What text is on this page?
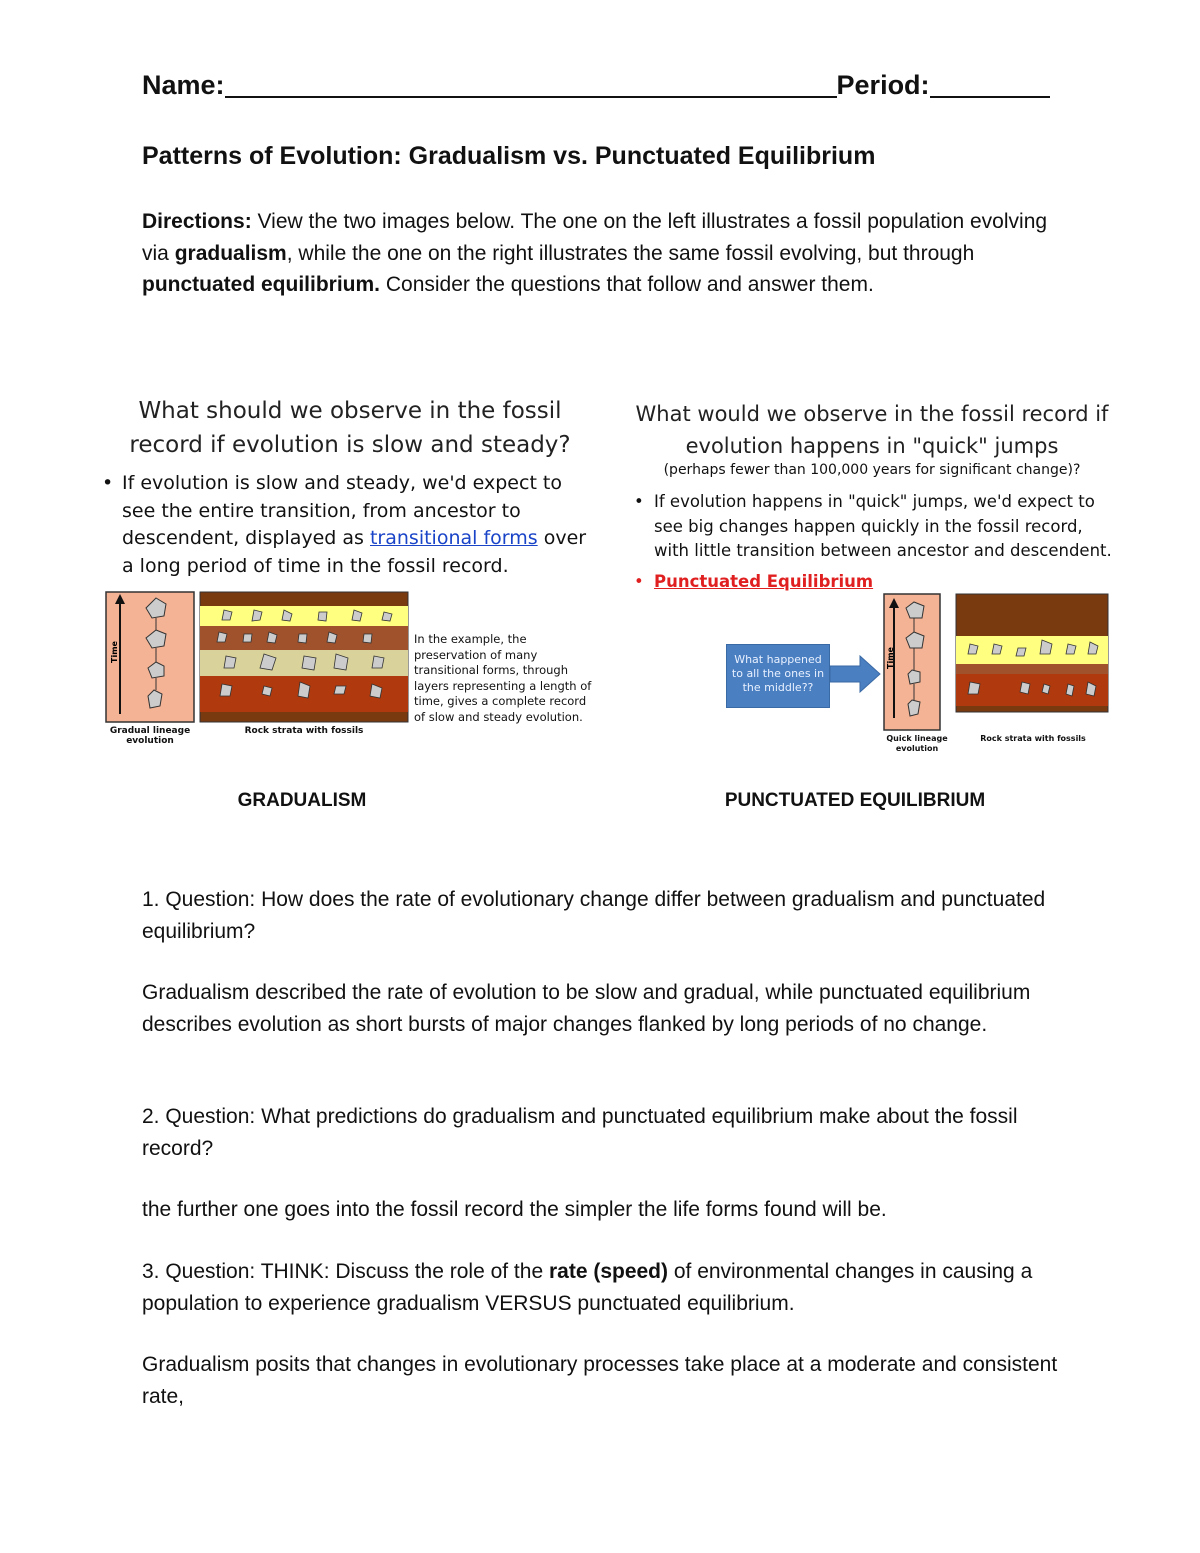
Name:	Period:
Patterns of Evolution: Gradualism vs. Punctuated Equilibrium
Directions: View the two images below. The one on the left illustrates a fossil population evolving via gradualism, while the one on the right illustrates the same fossil evolving, but through punctuated equilibrium. Consider the questions that follow and answer them.
What should we observe in the fossil record if evolution is slow and steady?
• If evolution is slow and steady, we'd expect to see the entire transition, from ancestor to descendent, displayed as transitional forms over a long period of time in the fossil record.
Time
Gradual lineage evolution
Rock strata with fossils
In the example, the preservation of many transitional forms, through layers representing a length of time, gives a complete record of slow and steady evolution.
What would we observe in the fossil record if evolution happens in "quick" jumps
(perhaps fewer than 100,000 years for significant change)?
• If evolution happens in "quick" jumps, we'd expect to see big changes happen quickly in the fossil record, with little transition between ancestor and descendent.
• Punctuated Equilibrium
What happened to all the ones in the middle??
Time
Quick lineage evolution
Rock strata with fossils
GRADUALISM	PUNCTUATED EQUILIBRIUM
1. Question: How does the rate of evolutionary change differ between gradualism and punctuated equilibrium?
Gradualism described the rate of evolution to be slow and gradual, while punctuated equilibrium describes evolution as short bursts of major changes flanked by long periods of no change.
2. Question: What predictions do gradualism and punctuated equilibrium make about the fossil record?
the further one goes into the fossil record the simpler the life forms found will be.
3. Question: THINK: Discuss the role of the rate (speed) of environmental changes in causing a population to experience gradualism VERSUS punctuated equilibrium.
Gradualism posits that changes in evolutionary processes take place at a moderate and consistent rate,
